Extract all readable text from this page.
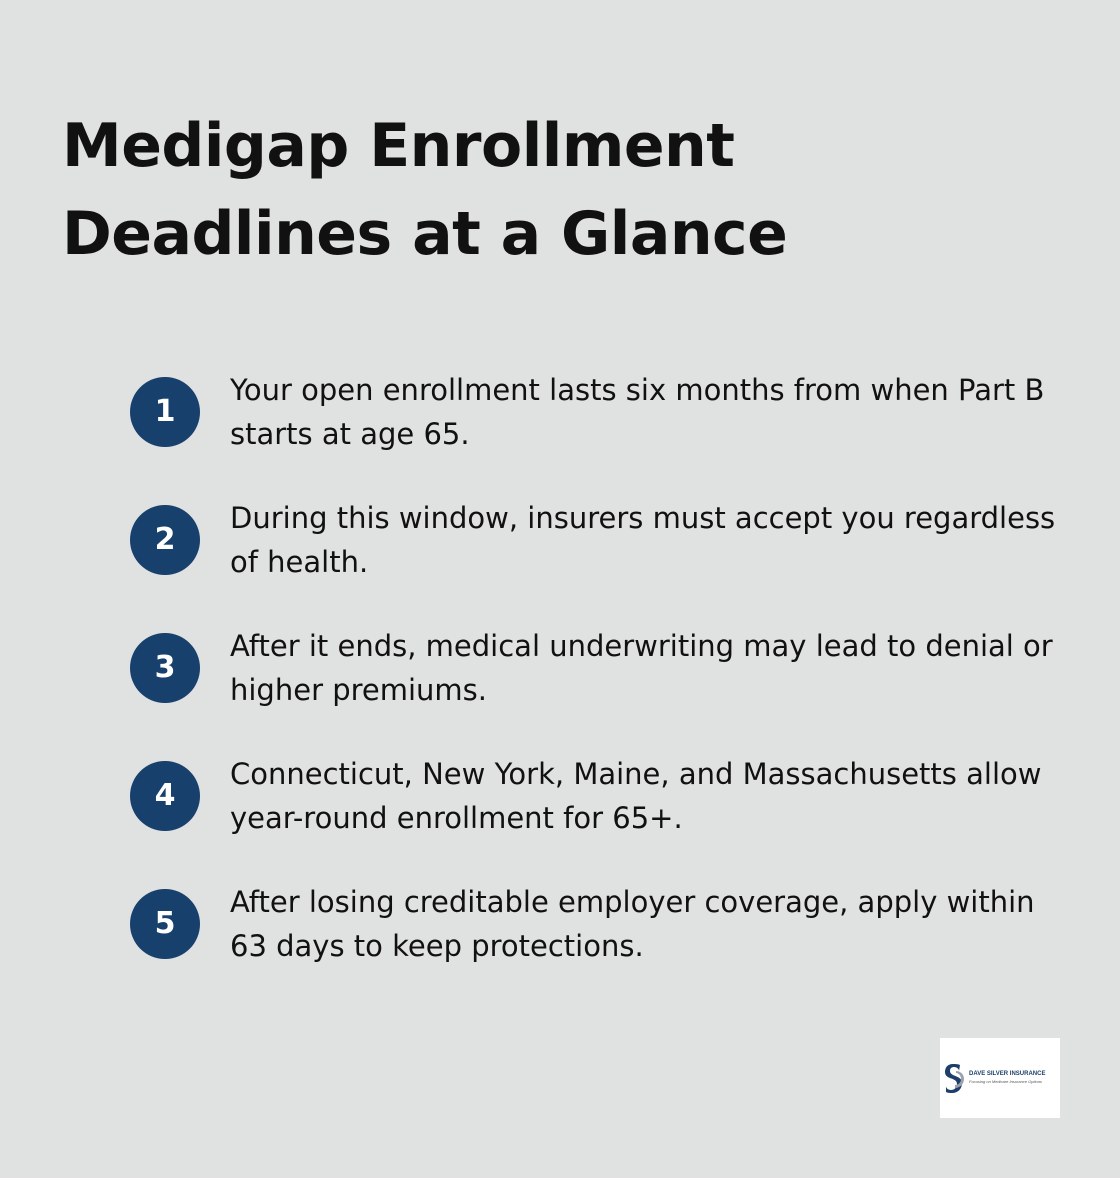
Medigap Enrollment Deadlines at a Glance
1

Your open enrollment lasts six months from when Part B starts at age 65.

2

During this window, insurers must accept you regardless of health.

3

After it ends, medical underwriting may lead to denial or higher premiums.

4

Connecticut, New York, Maine, and Massachusetts allow year-round enrollment for 65+.

5

After losing creditable employer coverage, apply within 63 days to keep protections.

DAVE SILVER INSURANCE
Focusing on Medicare Insurance Options
